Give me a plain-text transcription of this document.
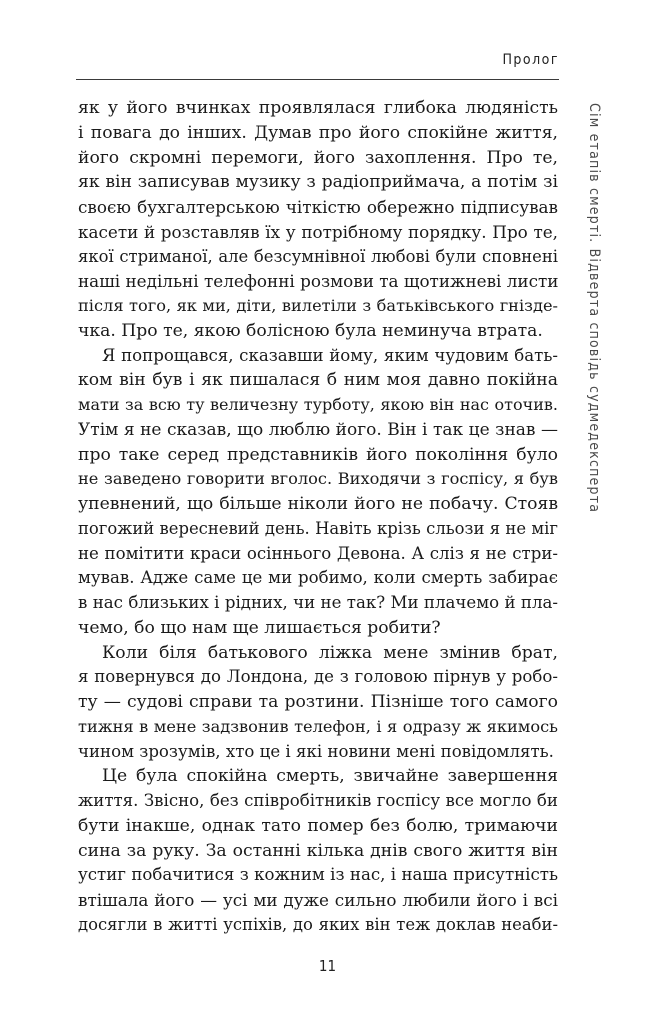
Пролог
Сім етапів смерті. Відверта сповідь судмедексперта
як у його вчинках проявлялася глибока людяність
і повага до інших. Думав про його спокійне життя,
його скромні перемоги, його захоплення. Про те,
як він записував музику з радіоприймача, а потім зі
своєю бухгалтерською чіткістю обережно підписував
касети й розставляв їх у потрібному порядку. Про те,
якої стриманої, але безсумнівної любові були сповнені
наші недільні телефонні розмови та щотижневі листи
після того, як ми, діти, вилетіли з батьківського гніздe-
чка. Про те, якою болісною була неминуча втрата.
Я попрощався, сказавши йому, яким чудовим бать-
ком він був і як пишалася б ним моя давно покійна
мати за всю ту величезну турботу, якою він нас оточив.
Утім я не сказав, що люблю його. Він і так це знав —
про таке серед представників його покоління було
не заведено говорити вголос. Виходячи з госпісу, я був
упевнений, що більше ніколи його не побачу. Стояв
погожий вересневий день. Навіть крізь сльози я не міг
не помітити краси осіннього Девона. А сліз я не стри-
мував. Адже саме це ми робимо, коли смерть забирає
в нас близьких і рідних, чи не так? Ми плачемо й пла-
чемо, бо що нам ще лишається робити?
Коли біля батькового ліжка мене змінив брат,
я повернувся до Лондона, де з головою пірнув у робо-
ту — судові справи та розтини. Пізніше того самого
тижня в мене задзвонив телефон, і я одразу ж якимось
чином зрозумів, хто це і які новини мені повідомлять.
Це була спокійна смерть, звичайне завершення
життя. Звісно, без співробітників госпісу все могло би
бути інакше, однак тато помер без болю, тримаючи
сина за руку. За останні кілька днів свого життя він
устиг побачитися з кожним із нас, і наша присутність
втішала його — усі ми дуже сильно любили його і всі
досягли в житті успіхів, до яких він теж доклав неаби-
11
